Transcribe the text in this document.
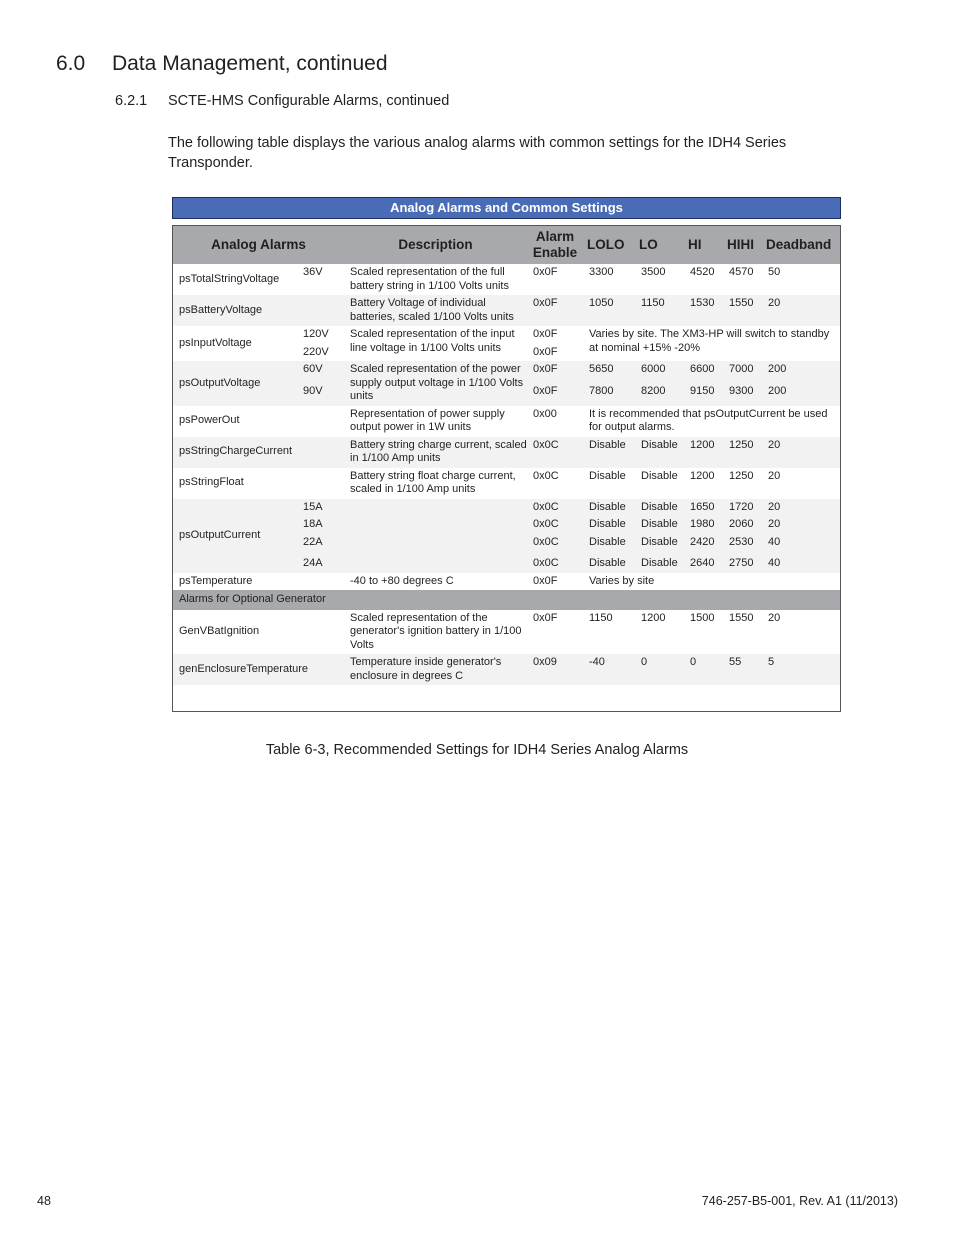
6.0 Data Management, continued
6.2.1 SCTE-HMS Configurable Alarms, continued

The following table displays the various analog alarms with common settings for the IDH4 Series Transponder.

Analog Alarms and Common Settings
Analog Alarms		Description	Alarm Enable	LOLO	LO	HI	HIHI	Deadband
psTotalStringVoltage	36V	Scaled representation of the full battery string in 1/100 Volts units	0x0F	3300	3500	4520	4570	50
psBatteryVoltage		Battery Voltage of individual batteries, scaled 1/100 Volts units	0x0F	1050	1150	1530	1550	20
psInputVoltage	120V	Scaled representation of the input line voltage in 1/100 Volts units	0x0F	Varies by site. The XM3-HP will switch to standby at nominal +15% -20%				
	220V		0x0F					
psOutputVoltage	60V	Scaled representation of the power supply output voltage in 1/100 Volts units	0x0F	5650	6000	6600	7000	200
	90V		0x0F	7800	8200	9150	9300	200
psPowerOut		Representation of power supply output power in 1W units	0x00	It is recommended that psOutputCurrent be used for output alarms.				
psStringChargeCurrent		Battery string charge current, scaled in 1/100 Amp units	0x0C	Disable	Disable	1200	1250	20
psStringFloat		Battery string float charge current, scaled in 1/100 Amp units	0x0C	Disable	Disable	1200	1250	20
psOutputCurrent	15A		0x0C	Disable	Disable	1650	1720	20
	18A		0x0C	Disable	Disable	1980	2060	20
	22A		0x0C	Disable	Disable	2420	2530	40
	24A		0x0C	Disable	Disable	2640	2750	40
psTemperature		-40 to +80 degrees C	0x0F	Varies by site				
Alarms for Optional Generator								
GenVBatIgnition		Scaled representation of the generator's ignition battery in 1/100 Volts	0x0F	1150	1200	1500	1550	20
genEnclosureTemperature		Temperature inside generator's enclosure in degrees C	0x09	-40	0	0	55	5
Table 6-3, Recommended Settings for IDH4 Series Analog Alarms
48	746-257-B5-001, Rev. A1 (11/2013)
